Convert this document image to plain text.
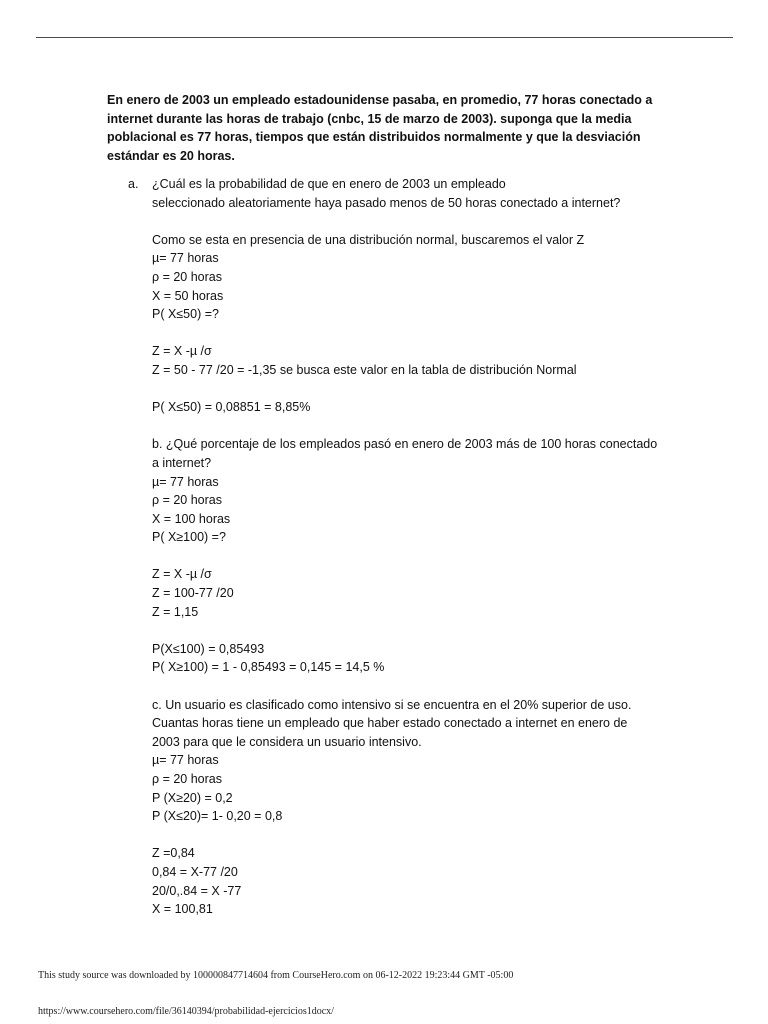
En enero de 2003 un empleado estadounidense pasaba, en promedio, 77 horas conectado a

internet durante las horas de trabajo (cnbc, 15 de marzo de 2003). suponga que la media

poblacional es 77 horas, tiempos que están distribuidos normalmente y que la desviación

estándar es 20 horas.

a. ¿Cuál es la probabilidad de que en enero de 2003 un empleado
seleccionado aleatoriamente haya pasado menos de 50 horas conectado a internet?
Como se esta en presencia de una distribución normal, buscaremos el valor Z
µ= 77 horas
ρ = 20 horas
X = 50 horas
P( X≤50) =?
Z = X -µ /σ
Z = 50 - 77 /20 = -1,35 se busca este valor en la tabla de distribución Normal
P( X≤50) = 0,08851 = 8,85%
b. ¿Qué porcentaje de los empleados pasó en enero de 2003 más de 100 horas conectado
a internet?
µ= 77 horas
ρ = 20 horas
X = 100 horas
P( X≥100) =?
Z = X -µ /σ
Z = 100-77 /20
Z = 1,15
P(X≤100) = 0,85493
P( X≥100) = 1 - 0,85493 = 0,145 = 14,5 %
c. Un usuario es clasificado como intensivo si se encuentra en el 20% superior de uso.
Cuantas horas tiene un empleado que haber estado conectado a internet en enero de
2003 para que le considera un usuario intensivo.
µ= 77 horas
ρ = 20 horas
P (X≥20) = 0,2
P (X≤20)= 1- 0,20 = 0,8
Z =0,84
0,84 = X-77 /20
20/0,.84 = X -77
X = 100,81
This study source was downloaded by 100000847714604 from CourseHero.com on 06-12-2022 19:23:44 GMT -05:00
https://www.coursehero.com/file/36140394/probabilidad-ejercicios1docx/
